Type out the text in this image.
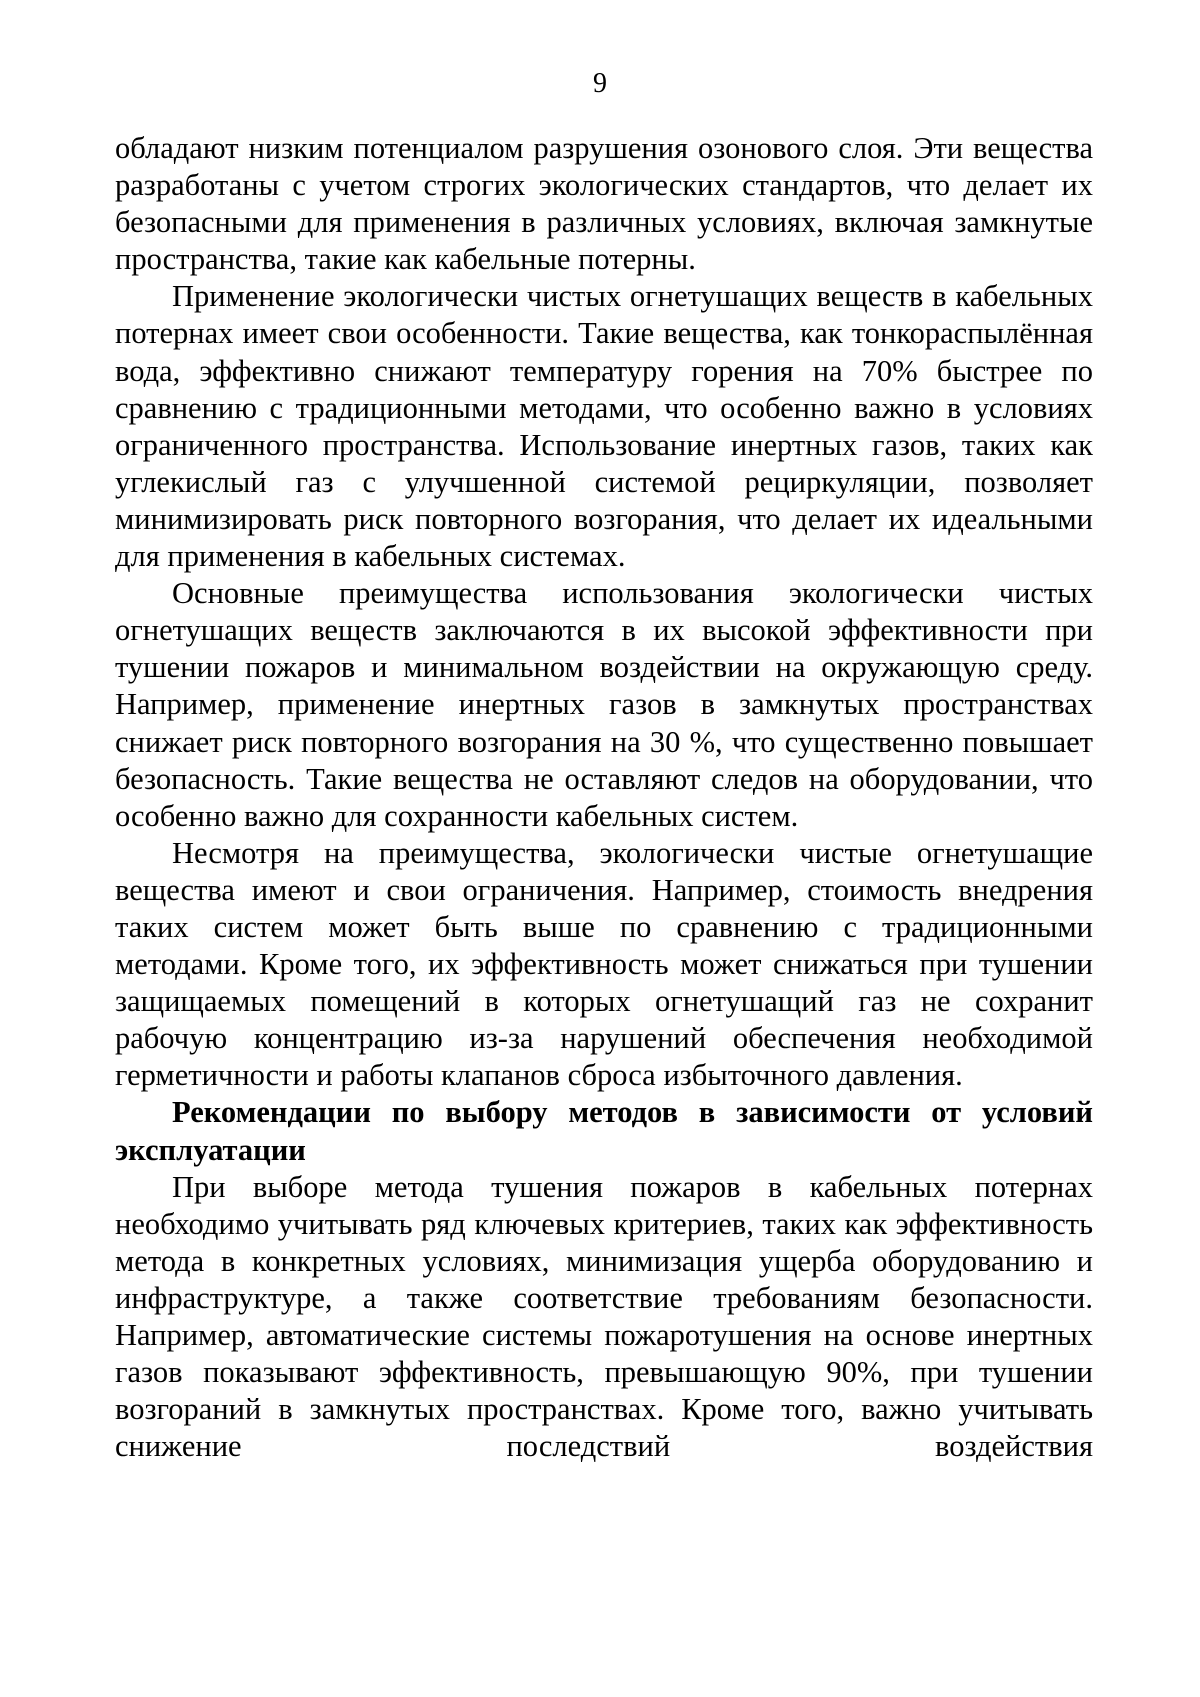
9

обладают низким потенциалом разрушения озонового слоя. Эти вещества разработаны с учетом строгих экологических стандартов, что делает их безопасными для применения в различных условиях, включая замкнутые пространства, такие как кабельные потерны.

Применение экологически чистых огнетушащих веществ в кабельных потернах имеет свои особенности. Такие вещества, как тонкораспылённая вода, эффективно снижают температуру горения на 70% быстрее по сравнению с традиционными методами, что особенно важно в условиях ограниченного пространства. Использование инертных газов, таких как углекислый газ с улучшенной системой рециркуляции, позволяет минимизировать риск повторного возгорания, что делает их идеальными для применения в кабельных системах.

Основные преимущества использования экологически чистых огнетушащих веществ заключаются в их высокой эффективности при тушении пожаров и минимальном воздействии на окружающую среду. Например, применение инертных газов в замкнутых пространствах снижает риск повторного возгорания на 30 %, что существенно повышает безопасность. Такие вещества не оставляют следов на оборудовании, что особенно важно для сохранности кабельных систем.

Несмотря на преимущества, экологически чистые огнетушащие вещества имеют и свои ограничения. Например, стоимость внедрения таких систем может быть выше по сравнению с традиционными методами. Кроме того, их эффективность может снижаться при тушении защищаемых помещений в которых огнетушащий газ не сохранит рабочую концентрацию из-за нарушений обеспечения необходимой герметичности и работы клапанов сброса избыточного давления.

Рекомендации по выбору методов в зависимости от условий эксплуатации

При выборе метода тушения пожаров в кабельных потернах необходимо учитывать ряд ключевых критериев, таких как эффективность метода в конкретных условиях, минимизация ущерба оборудованию и инфраструктуре, а также соответствие требованиям безопасности. Например, автоматические системы пожаротушения на основе инертных газов показывают эффективность, превышающую 90%, при тушении возгораний в замкнутых пространствах. Кроме того, важно учитывать снижение последствий воздействия
